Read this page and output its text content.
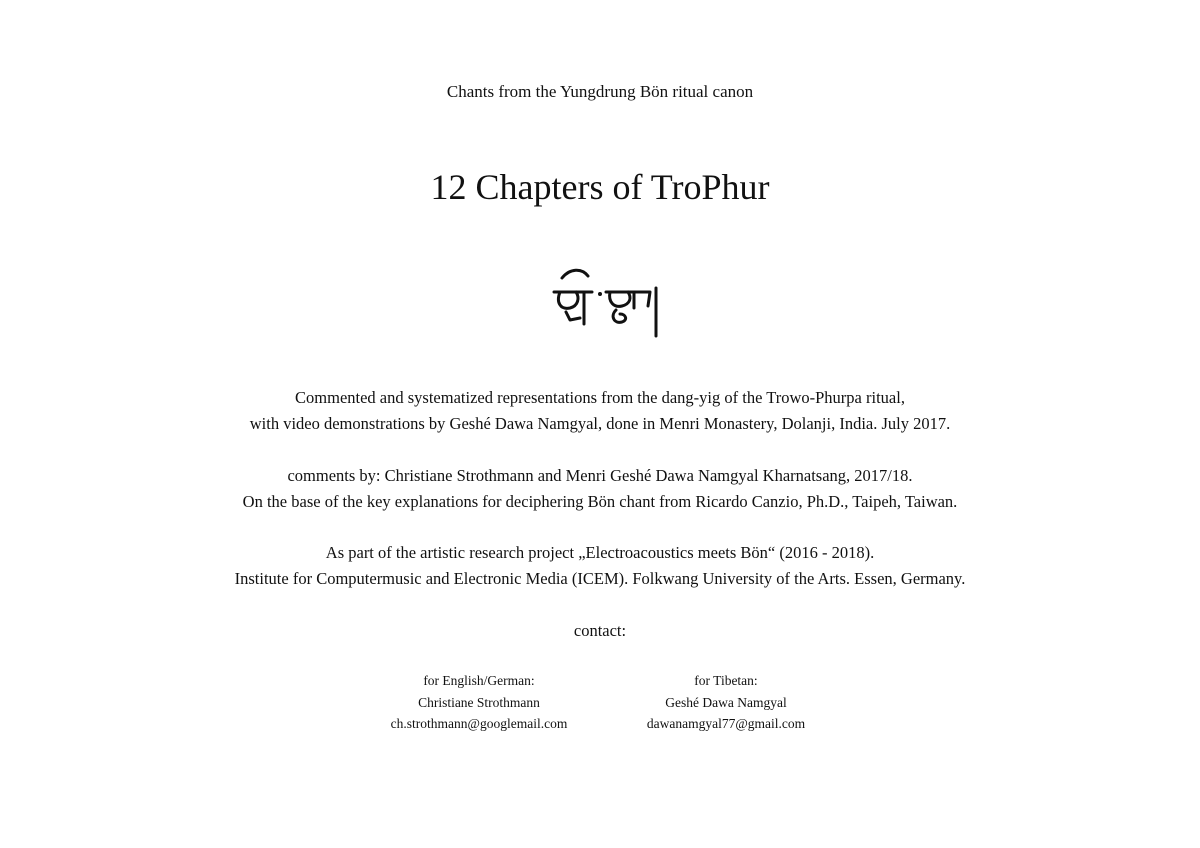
Chants from the Yungdrung Bön ritual canon
12 Chapters of TroPhur
Commented and systematized representations from the dang-yig of the Trowo-Phurpa ritual,
with video demonstrations by Geshé Dawa Namgyal, done in Menri Monastery, Dolanji, India. July 2017.
comments by: Christiane Strothmann and Menri Geshé Dawa Namgyal Kharnatsang, 2017/18.
On the base of the key explanations for deciphering Bön chant from Ricardo Canzio, Ph.D., Taipeh, Taiwan.
As part of the artistic research project „Electroacoustics meets Bön“ (2016 - 2018).
Institute for Computermusic and Electronic Media (ICEM). Folkwang University of the Arts. Essen, Germany.
contact:
for English/German:
Christiane Strothmann
ch.strothmann@googlemail.com
for Tibetan:
Geshé Dawa Namgyal
dawanamgyal77@gmail.com
